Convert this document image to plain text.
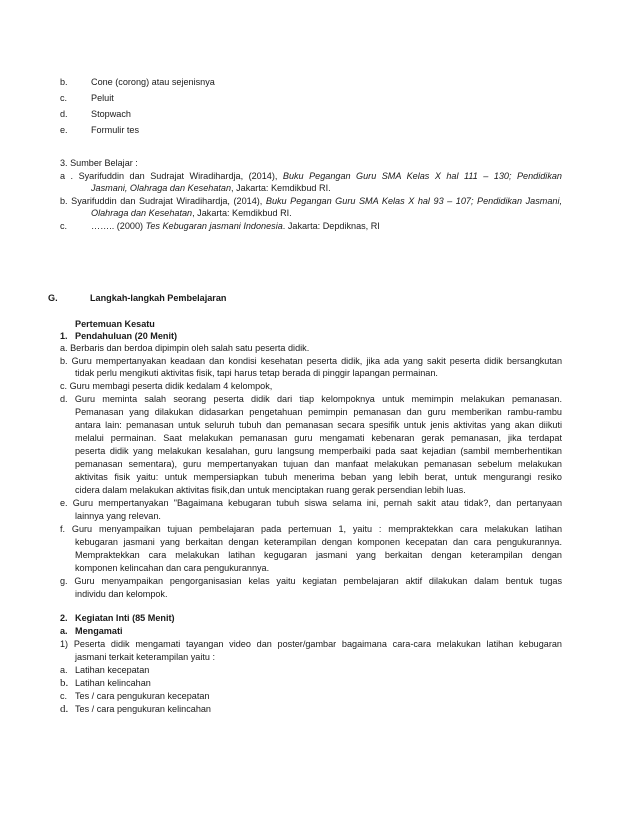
b.	Cone (corong) atau sejenisnya
c.	Peluit
d.	Stopwach
e.	Formulir tes
3. Sumber Belajar :
a . Syarifuddin dan Sudrajat Wiradihardja, (2014), Buku Pegangan Guru SMA Kelas X hal 111 – 130; Pendidikan
Jasmani, Olahraga dan Kesehatan, Jakarta: Kemdikbud RI.
b. Syarifuddin dan Sudrajat Wiradihardja, (2014), Buku Pegangan Guru SMA Kelas X hal 93 – 107; Pendidikan Jasmani,
Olahraga dan Kesehatan, Jakarta: Kemdikbud RI.
c.	…….. (2000) Tes Kebugaran jasmani Indonesia. Jakarta: Depdiknas, RI
G.	Langkah-langkah Pembelajaran
Pertemuan Kesatu
1. Pendahuluan (20 Menit)
a. Berbaris dan berdoa dipimpin oleh salah satu peserta didik.
b. Guru mempertanyakan keadaan dan kondisi kesehatan peserta didik, jika ada yang sakit peserta didik bersangkutan
tidak perlu mengikuti aktivitas fisik, tapi harus tetap berada di pinggir lapangan permainan.
c. Guru membagi peserta didik kedalam 4 kelompok,
d. Guru meminta salah seorang peserta didik dari tiap kelompoknya untuk memimpin melakukan pemanasan.
Pemanasan yang dilakukan didasarkan pengetahuan pemimpin pemanasan dan guru memberikan rambu-rambu
antara lain: pemanasan untuk seluruh tubuh dan pemanasan secara spesifik untuk jenis aktivitas yang akan diikuti
melalui permainan. Saat melakukan pemanasan guru mengamati kebenaran gerak pemanasan, jika terdapat
peserta didik yang melakukan kesalahan, guru langsung memperbaiki pada saat kejadian (sambil memberhentikan
pemanasan sementara), guru mempertanyakan tujuan dan manfaat melakukan pemanasan sebelum melakukan
aktivitas fisik yaitu: untuk mempersiapkan tubuh menerima beban yang lebih berat, untuk mengurangi resiko
cidera dalam melakukan aktivitas fisik,dan untuk menciptakan ruang gerak persendian lebih luas.
e. Guru mempertanyakan "Bagaimana kebugaran tubuh siswa selama ini, pernah sakit atau tidak?, dan pertanyaan
lainnya yang relevan.
f. Guru menyampaikan tujuan pembelajaran pada pertemuan 1, yaitu : mempraktekkan cara melakukan latihan
kebugaran jasmani yang berkaitan dengan keterampilan dengan komponen kecepatan dan cara pengukurannya.
Mempraktekkan cara melakukan latihan kegugaran jasmani yang berkaitan dengan keterampilan dengan
komponen kelincahan dan cara pengukurannya.
g. Guru menyampaikan pengorganisasian kelas yaitu kegiatan pembelajaran aktif dilakukan dalam bentuk tugas
individu dan kelompok.
2. Kegiatan Inti (85 Menit)
a. Mengamati
1) Peserta didik mengamati tayangan video dan poster/gambar bagaimana cara-cara melakukan latihan kebugaran
jasmani terkait keterampilan yaitu :
a. Latihan kecepatan
b. Latihan kelincahan
c. Tes / cara pengukuran kecepatan
d. Tes / cara pengukuran kelincahan
